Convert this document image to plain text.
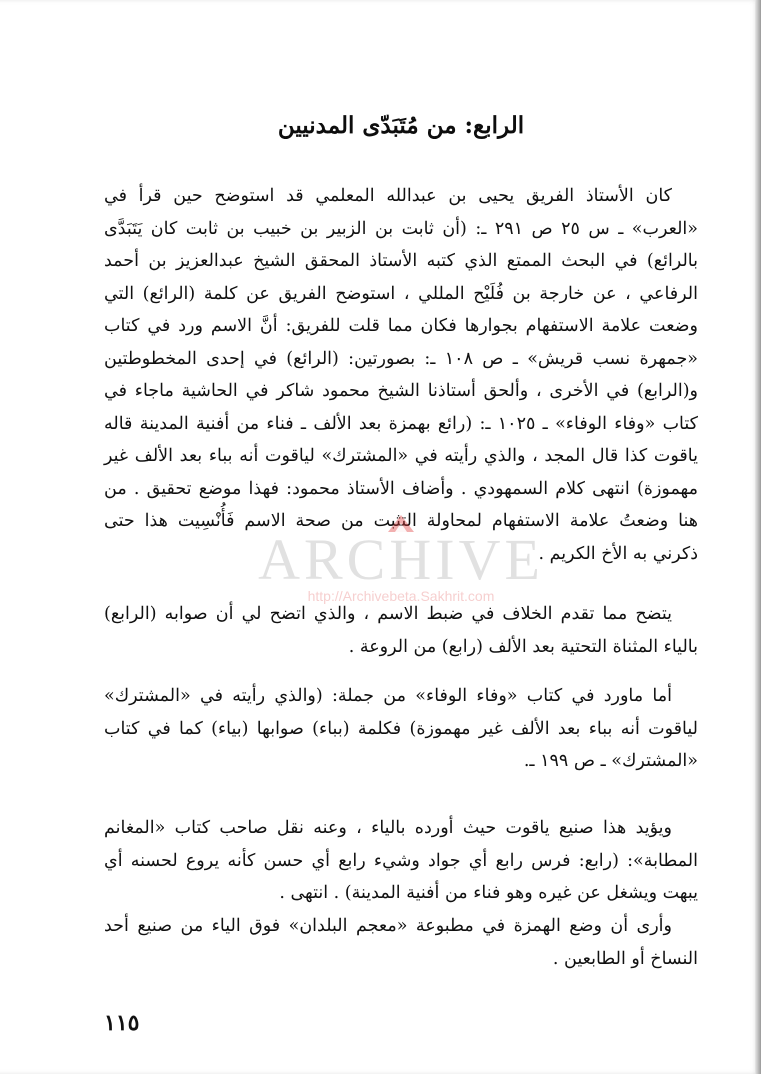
الرابع: من مُتَبَدّى المدنيين

كان الأستاذ الفريق يحيى بن عبدالله المعلمي قد استوضح حين قرأ في «العرب» ـ س ٢٥ ص ٢٩١ ـ: (أن ثابت بن الزبير بن خبيب بن ثابت كان يَتَبَدَّى بالرائع) في البحث الممتع الذي كتبه الأستاذ المحقق الشيخ عبدالعزيز بن أحمد الرفاعي ، عن خارجة بن فُلَيْح المللي ، استوضح الفريق عن كلمة (الرائع) التي وضعت علامة الاستفهام بجوارها فكان مما قلت للفريق: أنَّ الاسم ورد في كتاب «جمهرة نسب قريش» ـ ص ١٠٨ ـ: بصورتين: (الرائع) في إحدى المخطوطتين و(الرابع) في الأخرى ، وألحق أستاذنا الشيخ محمود شاكر في الحاشية ماجاء في كتاب «وفاء الوفاء» ـ ١٠٢٥ ـ: (رائع بهمزة بعد الألف ـ فناء من أفنية المدينة قاله ياقوت كذا قال المجد ، والذي رأيته في «المشترك» لياقوت أنه بباء بعد الألف غير مهموزة) انتهى كلام السمهودي . وأضاف الأستاذ محمود: فهذا موضع تحقيق . من هنا وضعتُ علامة الاستفهام لمحاولة التثبت من صحة الاسم فَأُنْسِيت هذا حتى ذكرني به الأخ الكريم .

يتضح مما تقدم الخلاف في ضبط الاسم ، والذي اتضح لي أن صوابه (الرابع) بالياء المثناة التحتية بعد الألف (رابع) من الروعة .

أما ماورد في كتاب «وفاء الوفاء» من جملة: (والذي رأيته في «المشترك» لياقوت أنه بباء بعد الألف غير مهموزة) فكلمة (بباء) صوابها (بياء) كما في كتاب «المشترك» ـ ص ١٩٩ ـ.

ويؤيد هذا صنيع ياقوت حيث أورده بالياء ، وعنه نقل صاحب كتاب «المغانم المطابة»: (رابع: فرس رابع أي جواد وشيء رابع أي حسن كأنه يروع لحسنه أي يبهت ويشغل عن غيره وهو فناء من أفنية المدينة) . انتهى .

وأرى أن وضع الهمزة في مطبوعة «معجم البلدان» فوق الياء من صنيع أحد النساخ أو الطابعين .

ARCHIVE
http://Archivebeta.Sakhrit.com

١١٥
